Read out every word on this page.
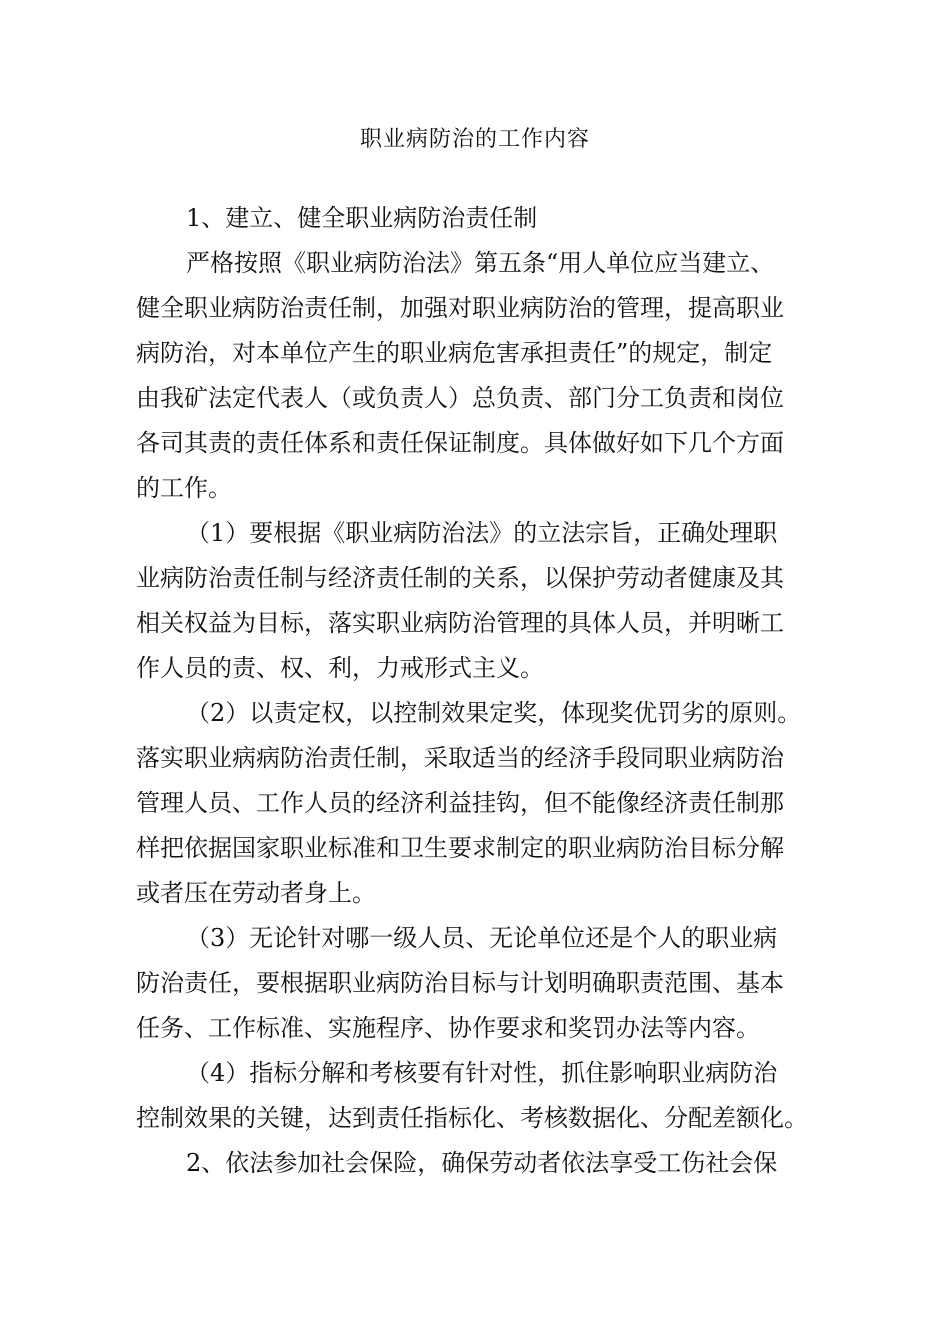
职业病防治的工作内容
1、建立、健全职业病防治责任制
严格按照《职业病防治法》第五条“用人单位应当建立、
健全职业病防治责任制，加强对职业病防治的管理，提高职业
病防治，对本单位产生的职业病危害承担责任”的规定，制定
由我矿法定代表人（或负责人）总负责、部门分工负责和岗位
各司其责的责任体系和责任保证制度。具体做好如下几个方面
的工作。
（1）要根据《职业病防治法》的立法宗旨，正确处理职
业病防治责任制与经济责任制的关系，以保护劳动者健康及其
相关权益为目标，落实职业病防治管理的具体人员，并明晰工
作人员的责、权、利，力戒形式主义。
（2）以责定权，以控制效果定奖，体现奖优罚劣的原则。
落实职业病病防治责任制，采取适当的经济手段同职业病防治
管理人员、工作人员的经济利益挂钩，但不能像经济责任制那
样把依据国家职业标准和卫生要求制定的职业病防治目标分解
或者压在劳动者身上。
（3）无论针对哪一级人员、无论单位还是个人的职业病
防治责任，要根据职业病防治目标与计划明确职责范围、基本
任务、工作标准、实施程序、协作要求和奖罚办法等内容。
（4）指标分解和考核要有针对性，抓住影响职业病防治
控制效果的关键，达到责任指标化、考核数据化、分配差额化。
2、依法参加社会保险，确保劳动者依法享受工伤社会保
